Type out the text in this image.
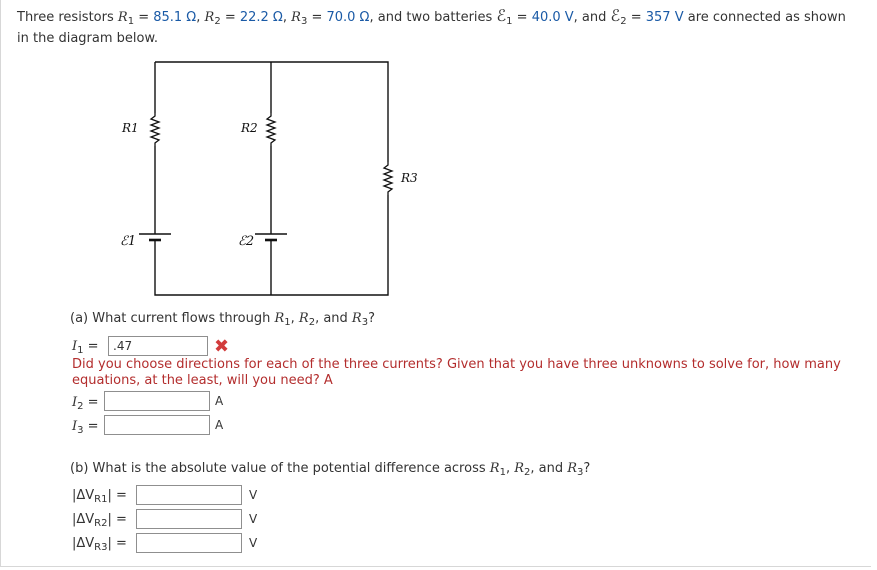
Three resistors $R_1 = 85.1$ Ω, $R_2 = 22.2$ Ω, $R_3 = 70.0$ Ω, and two batteries ℰ$_1$ = 40.0 V, and ℰ$_2$ = 357 V are connected as shown
in the diagram below.
R1	R2
R3
ℰ1	ℰ2
(a) What current flows through $R_1$, $R_2$, and $R_3$?
$I_1$ =	.47	✖
Did you choose directions for each of the three currents? Given that you have three unknowns to solve for, how many
equations, at the least, will you need? A
$I_2$ =	A
$I_3$ =	A
(b) What is the absolute value of the potential difference across $R_1$, $R_2$, and $R_3$?
$|\Delta V_{R1}|$ =	V
$|\Delta V_{R2}|$ =	V
$|\Delta V_{R3}|$ =	V
